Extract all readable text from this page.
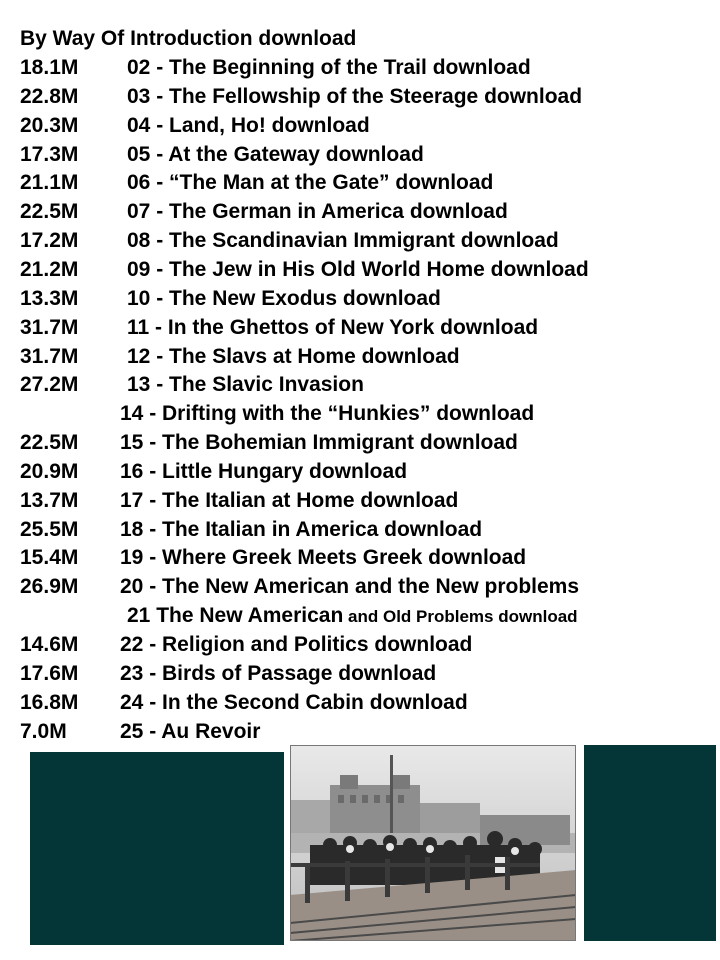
By Way Of Introduction download
18.1M 02 - The Beginning of the Trail download
22.8M 03 - The Fellowship of the Steerage download
20.3M 04 - Land, Ho! download
17.3M 05 - At the Gateway download
21.1M 06 - “The Man at the Gate” download
22.5M 07 - The German in America download
17.2M 08 - The Scandinavian Immigrant download
21.2M 09 - The Jew in His Old World Home download
13.3M 10 - The New Exodus download
31.7M 11 - In the Ghettos of New York download
31.7M 12 - The Slavs at Home download
27.2M 13 - The Slavic Invasion
14 - Drifting with the “Hunkies” download
22.5M 15 - The Bohemian Immigrant download
20.9M 16 - Little Hungary download
13.7M 17 - The Italian at Home download
25.5M 18 - The Italian in America download
15.4M 19 - Where Greek Meets Greek download
26.9M 20 - The New American and the New problems
21 The New American and Old Problems download
14.6M 22 - Religion and Politics download
17.6M 23 - Birds of Passage download
16.8M 24 - In the Second Cabin download
7.0M	25 - Au Revoir
